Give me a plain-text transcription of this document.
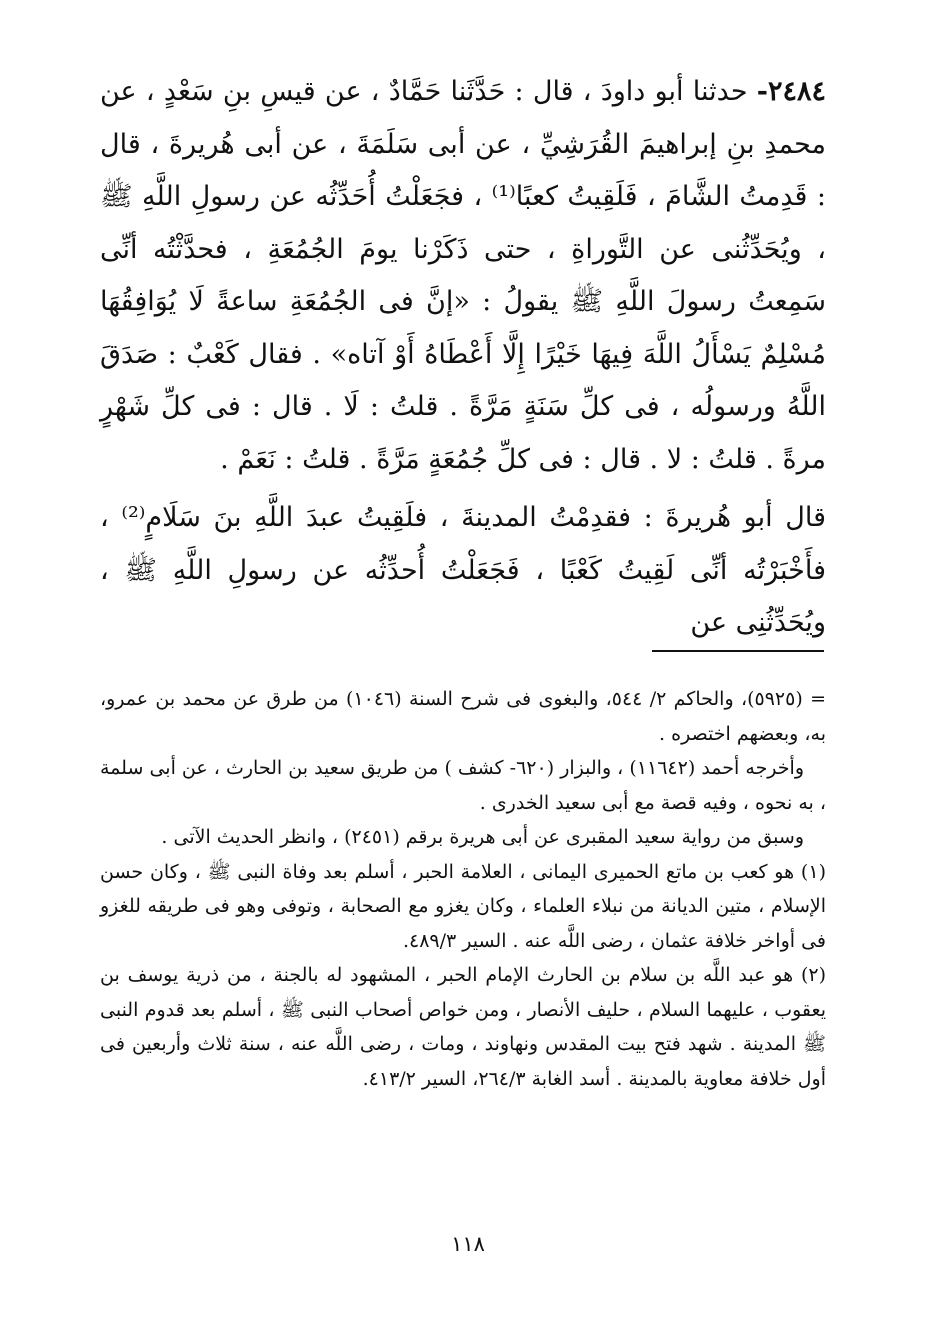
٢٤٨٤- حدثنا أبو داودَ ، قال : حَدَّثَنا حَمَّادٌ ، عن قيسِ بنِ سَعْدٍ ، عن محمدِ بنِ إبراهيمَ القُرَشِيِّ ، عن أبى سَلَمَةَ ، عن أبى هُريرةَ ، قال : قَدِمتُ الشَّامَ ، فَلَقِيتُ كعبًا⁽¹⁾ ، فجَعَلْتُ أُحَدِّثُه عن رسولِ اللَّهِ ﷺ ، ويُحَدِّثُنى عن التَّوراةِ ، حتى ذَكَرْنا يومَ الجُمُعَةِ ، فحدَّثْتُه أنِّى سَمِعتُ رسولَ اللَّهِ ﷺ يقولُ : «إنَّ فى الجُمُعَةِ ساعةً لَا يُوَافِقُهَا مُسْلِمٌ يَسْأَلُ اللَّهَ فِيهَا خَيْرًا إِلَّا أَعْطَاهُ أَوْ آتاه» . فقال كَعْبٌ : صَدَقَ اللَّهُ ورسولُه ، فى كلِّ سَنَةٍ مَرَّةً . قلتُ : لَا . قال : فى كلِّ شَهْرٍ مرةً . قلتُ : لا . قال : فى كلِّ جُمُعَةٍ مَرَّةً . قلتُ : نَعَمْ .

قال أبو هُريرةَ : فقدِمْتُ المدينةَ ، فلَقِيتُ عبدَ اللَّهِ بنَ سَلَامٍ⁽²⁾ ، فأَخْبَرْتُه أنِّى لَقِيتُ كَعْبًا ، فَجَعَلْتُ أُحدِّثُه عن رسولِ اللَّهِ ﷺ ، ويُحَدِّثُنِى عن

= (٥٩٢٥)، والحاكم ٢/ ٥٤٤، والبغوى فى شرح السنة (١٠٤٦) من طرق عن محمد بن عمرو، به، وبعضهم اختصره .

وأخرجه أحمد (١١٦٤٢) ، والبزار (٦٢٠- كشف ) من طريق سعيد بن الحارث ، عن أبى سلمة ، به نحوه ، وفيه قصة مع أبى سعيد الخدرى .

وسبق من رواية سعيد المقبرى عن أبى هريرة برقم (٢٤٥١) ، وانظر الحديث الآتى .

(١) هو كعب بن ماتع الحميرى اليمانى ، العلامة الحبر ، أسلم بعد وفاة النبى ﷺ ، وكان حسن الإسلام ، متين الديانة من نبلاء العلماء ، وكان يغزو مع الصحابة ، وتوفى وهو فى طريقه للغزو فى أواخر خلافة عثمان ، رضى اللَّه عنه . السير ٤٨٩/٣.

(٢) هو عبد اللَّه بن سلام بن الحارث الإمام الحبر ، المشهود له بالجنة ، من ذرية يوسف بن يعقوب ، عليهما السلام ، حليف الأنصار ، ومن خواص أصحاب النبى ﷺ ، أسلم بعد قدوم النبى ﷺ المدينة . شهد فتح بيت المقدس ونهاوند ، ومات ، رضى اللَّه عنه ، سنة ثلاث وأربعين فى أول خلافة معاوية بالمدينة . أسد الغابة ٢٦٤/٣، السير ٤١٣/٢.

١١٨
